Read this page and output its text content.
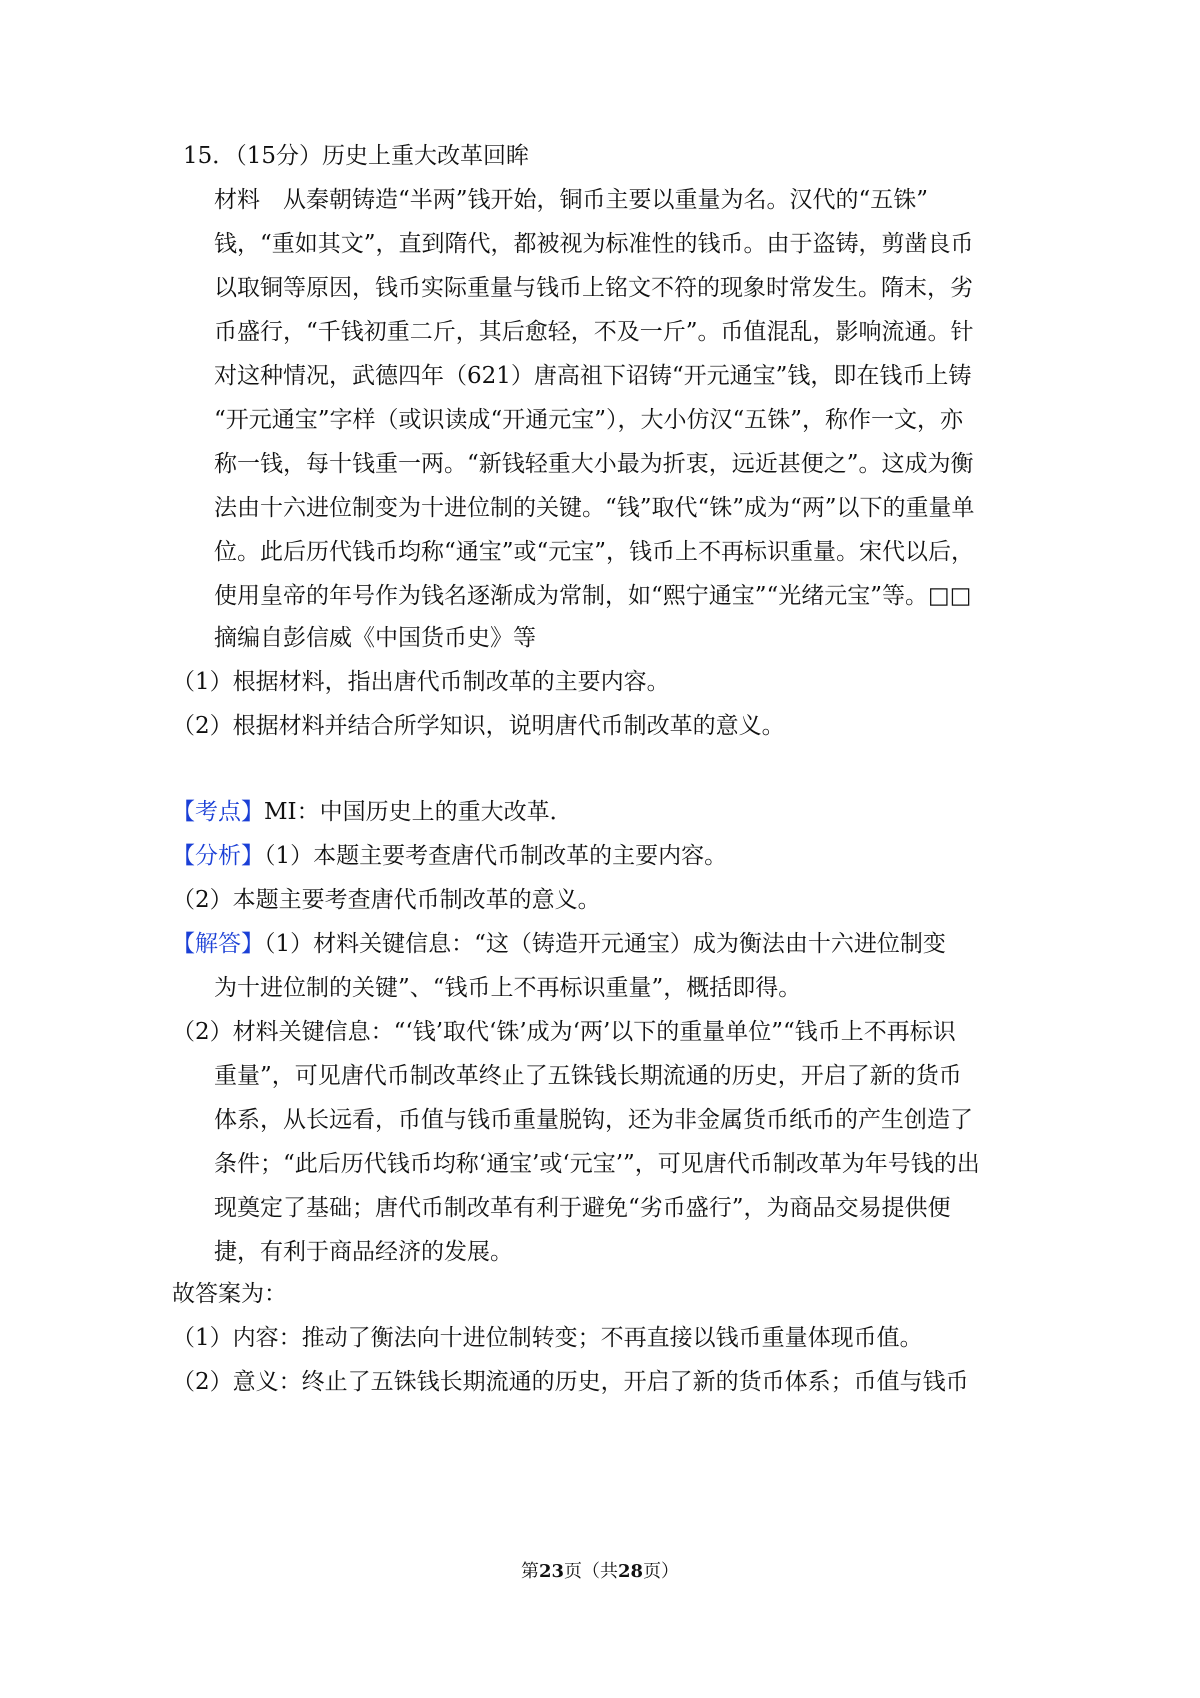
15．（15分）历史上重大改革回眸
材料　从秦朝铸造“半两”钱开始，铜币主要以重量为名。汉代的“五铢”
钱，“重如其文”，直到隋代，都被视为标准性的钱币。由于盗铸，剪凿良币
以取铜等原因，钱币实际重量与钱币上铭文不符的现象时常发生。隋末，劣
币盛行，“千钱初重二斤，其后愈轻，不及一斤”。币值混乱，影响流通。针
对这种情况，武德四年（621）唐高祖下诏铸“开元通宝”钱，即在钱币上铸
“开元通宝”字样（或识读成“开通元宝”），大小仿汉“五铢”，称作一文，亦
称一钱，每十钱重一两。“新钱轻重大小最为折衷，远近甚便之”。这成为衡
法由十六进位制变为十进位制的关键。“钱”取代“铢”成为“两”以下的重量单
位。此后历代钱币均称“通宝”或“元宝”，钱币上不再标识重量。宋代以后，
使用皇帝的年号作为钱名逐渐成为常制，如“熙宁通宝”“光绪元宝”等。□□
摘编自彭信威《中国货币史》等
（1）根据材料，指出唐代币制改革的主要内容。
（2）根据材料并结合所学知识，说明唐代币制改革的意义。
【考点】MI：中国历史上的重大改革．
【分析】（1）本题主要考查唐代币制改革的主要内容。
（2）本题主要考查唐代币制改革的意义。
【解答】（1）材料关键信息：“这（铸造开元通宝）成为衡法由十六进位制变
为十进位制的关键”、“钱币上不再标识重量”，概括即得。
（2）材料关键信息：“‘钱’取代‘铢’成为‘两’以下的重量单位”“钱币上不再标识
重量”，可见唐代币制改革终止了五铢钱长期流通的历史，开启了新的货币
体系，从长远看，币值与钱币重量脱钩，还为非金属货币纸币的产生创造了
条件；“此后历代钱币均称‘通宝’或‘元宝’”，可见唐代币制改革为年号钱的出
现奠定了基础；唐代币制改革有利于避免“劣币盛行”，为商品交易提供便
捷，有利于商品经济的发展。
故答案为：
（1）内容：推动了衡法向十进位制转变；不再直接以钱币重量体现币值。
（2）意义：终止了五铢钱长期流通的历史，开启了新的货币体系；币值与钱币
第23页（共28页）
